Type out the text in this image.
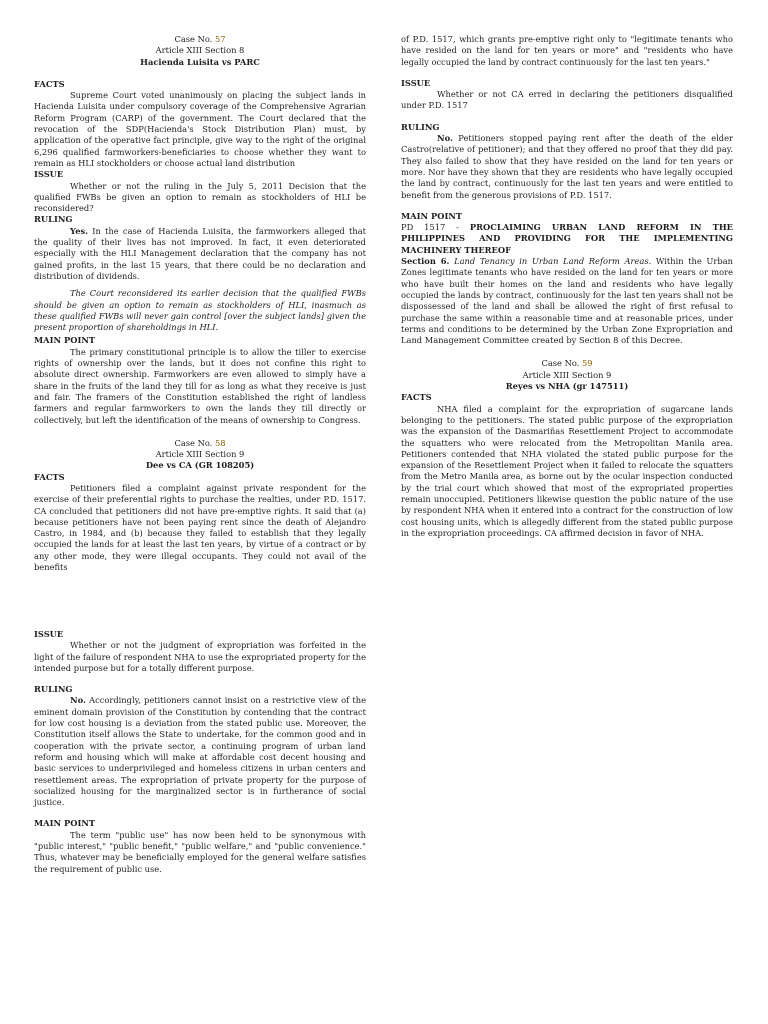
Case No. 57
Article XIII Section 8
Hacienda Luisita vs PARC
FACTS

Supreme Court voted unanimously on placing the subject lands in Hacienda Luisita under compulsory coverage of the Comprehensive Agrarian Reform Program (CARP) of the government. The Court declared that the revocation of the SDP(Hacienda's Stock Distribution Plan) must, by application of the operative fact principle, give way to the right of the original 6,296 qualified farmworkers-beneficiaries to choose whether they want to remain as HLI stockholders or choose actual land distribution

ISSUE

Whether or not the ruling in the July 5, 2011 Decision that the qualified FWBs be given an option to remain as stockholders of HLI be reconsidered?

RULING

Yes. In the case of Hacienda Luisita, the farmworkers alleged that the quality of their lives has not improved. In fact, it even deteriorated especially with the HLI Management declaration that the company has not gained profits, in the last 15 years, that there could be no declaration and distribution of dividends.

The Court reconsidered its earlier decision that the qualified FWBs should be given an option to remain as stockholders of HLI, inasmuch as these qualified FWBs will never gain control [over the subject lands] given the present proportion of shareholdings in HLI.

MAIN POINT

The primary constitutional principle is to allow the tiller to exercise rights of ownership over the lands, but it does not confine this right to absolute direct ownership. Farmworkers are even allowed to simply have a share in the fruits of the land they till for as long as what they receive is just and fair. The framers of the Constitution established the right of landless farmers and regular farmworkers to own the lands they till directly or collectively, but left the identification of the means of ownership to Congress.

Case No. 58
Article XIII Section 9
Dee vs CA (GR 108205)
FACTS

Petitioners filed a complaint against private respondent for the exercise of their preferential rights to purchase the realties, under P.D. 1517. CA concluded that petitioners did not have pre-emptive rights. It said that (a) because petitioners have not been paying rent since the death of Alejandro Castro, in 1984, and (b) because they failed to establish that they legally occupied the lands for at least the last ten years, by virtue of a contract or by any other mode, they were illegal occupants. They could not avail of the benefits

of P.D. 1517, which grants pre-emptive right only to "legitimate tenants who have resided on the land for ten years or more" and "residents who have legally occupied the land by contract continuously for the last ten years."

ISSUE

Whether or not CA erred in declaring the petitioners disqualified under P.D. 1517

RULING

No. Petitioners stopped paying rent after the death of the elder Castro(relative of petitioner); and that they offered no proof that they did pay. They also failed to show that they have resided on the land for ten years or more. Nor have they shown that they are residents who have legally occupied the land by contract, continuously for the last ten years and were entitled to benefit from the generous provisions of P.D. 1517.

MAIN POINT

PD 1517 - PROCLAIMING URBAN LAND REFORM IN THE PHILIPPINES AND PROVIDING FOR THE IMPLEMENTING MACHINERY THEREOF

Section 6. Land Tenancy in Urban Land Reform Areas. Within the Urban Zones legitimate tenants who have resided on the land for ten years or more who have built their homes on the land and residents who have legally occupied the lands by contract, continuously for the last ten years shall not be dispossessed of the land and shall be allowed the right of first refusal to purchase the same within a reasonable time and at reasonable prices, under terms and conditions to be determined by the Urban Zone Expropriation and Land Management Committee created by Section 8 of this Decree.

Case No. 59
Article XIII Section 9
Reyes vs NHA (gr 147511)
FACTS

NHA filed a complaint for the expropriation of sugarcane lands belonging to the petitioners. The stated public purpose of the expropriation was the expansion of the Dasmariñas Resettlement Project to accommodate the squatters who were relocated from the Metropolitan Manila area. Petitioners contended that NHA violated the stated public purpose for the expansion of the Resettlement Project when it failed to relocate the squatters from the Metro Manila area, as borne out by the ocular inspection conducted by the trial court which showed that most of the expropriated properties remain unoccupied. Petitioners likewise question the public nature of the use by respondent NHA when it entered into a contract for the construction of low cost housing units, which is allegedly different from the stated public purpose in the expropriation proceedings. CA affirmed decision in favor of NHA.

ISSUE

Whether or not the judgment of expropriation was forfeited in the light of the failure of respondent NHA to use the expropriated property for the intended purpose but for a totally different purpose.

RULING

No. Accordingly, petitioners cannot insist on a restrictive view of the eminent domain provision of the Constitution by contending that the contract for low cost housing is a deviation from the stated public use. Moreover, the Constitution itself allows the State to undertake, for the common good and in cooperation with the private sector, a continuing program of urban land reform and housing which will make at affordable cost decent housing and basic services to underprivileged and homeless citizens in urban centers and resettlement areas. The expropriation of private property for the purpose of socialized housing for the marginalized sector is in furtherance of social justice.

MAIN POINT

The term "public use" has now been held to be synonymous with "public interest," "public benefit," "public welfare," and "public convenience." Thus, whatever may be beneficially employed for the general welfare satisfies the requirement of public use.
